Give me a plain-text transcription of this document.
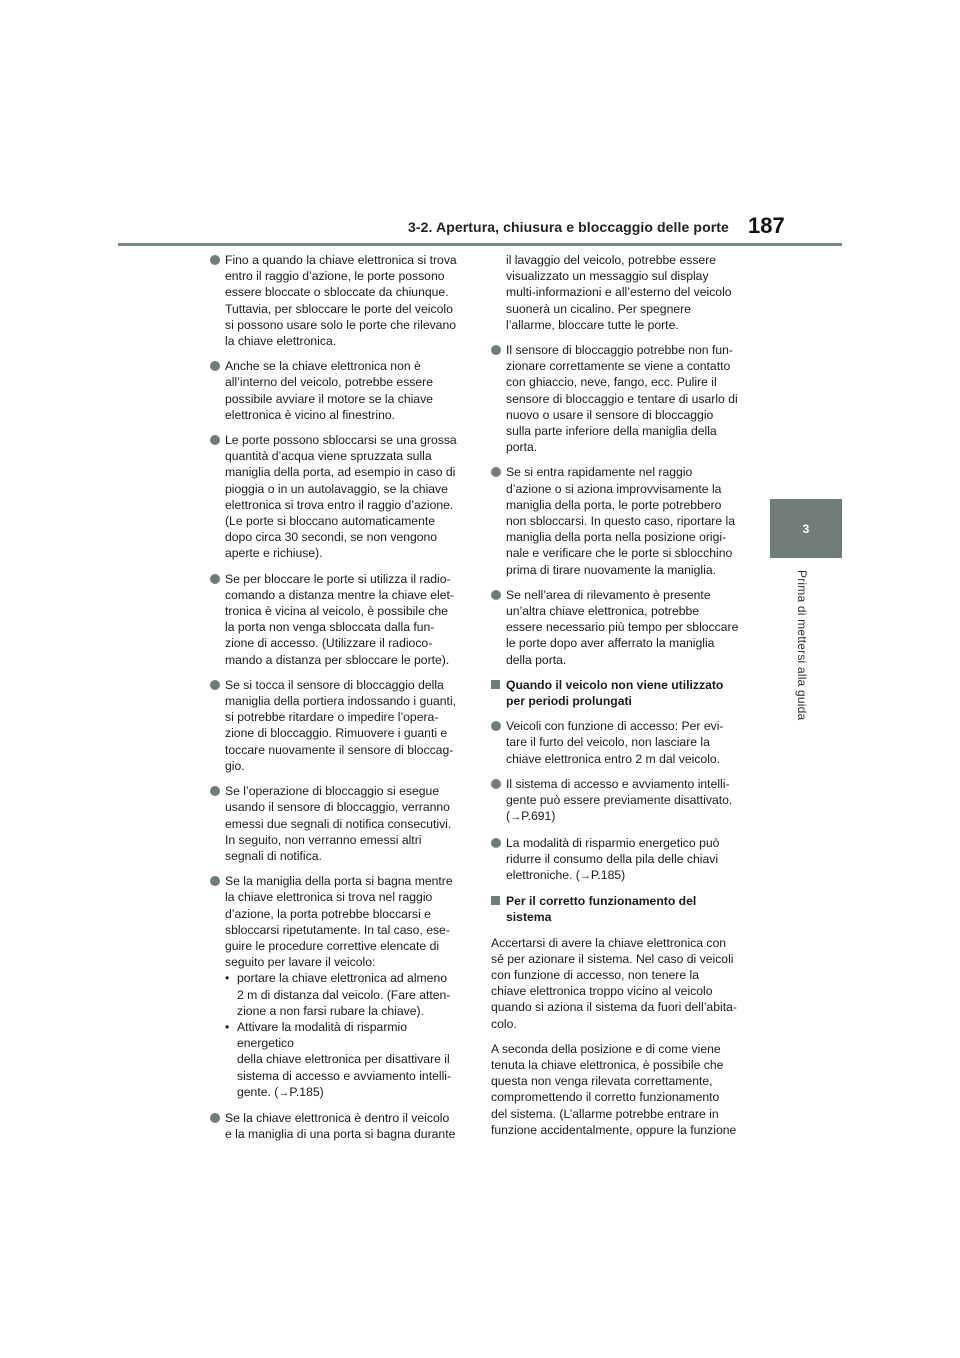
3-2. Apertura, chiusura e bloccaggio delle porte 187
3
Prima di mettersi alla guida
Fino a quando la chiave elettronica si trova
entro il raggio d’azione, le porte possono
essere bloccate o sbloccate da chiunque.
Tuttavia, per sbloccare le porte del veicolo
si possono usare solo le porte che rilevano
la chiave elettronica.
Anche se la chiave elettronica non è
all’interno del veicolo, potrebbe essere
possibile avviare il motore se la chiave
elettronica è vicino al finestrino.
Le porte possono sbloccarsi se una grossa
quantità d’acqua viene spruzzata sulla
maniglia della porta, ad esempio in caso di
pioggia o in un autolavaggio, se la chiave
elettronica si trova entro il raggio d’azione.
(Le porte si bloccano automaticamente
dopo circa 30 secondi, se non vengono
aperte e richiuse).
Se per bloccare le porte si utilizza il radio-
comando a distanza mentre la chiave elet-
tronica è vicina al veicolo, è possibile che
la porta non venga sbloccata dalla fun-
zione di accesso. (Utilizzare il radioco-
mando a distanza per sbloccare le porte).
Se si tocca il sensore di bloccaggio della
maniglia della portiera indossando i guanti,
si potrebbe ritardare o impedire l’opera-
zione di bloccaggio. Rimuovere i guanti e
toccare nuovamente il sensore di bloccag-
gio.
Se l’operazione di bloccaggio si esegue
usando il sensore di bloccaggio, verranno
emessi due segnali di notifica consecutivi.
In seguito, non verranno emessi altri
segnali di notifica.
Se la maniglia della porta si bagna mentre
la chiave elettronica si trova nel raggio
d’azione, la porta potrebbe bloccarsi e
sbloccarsi ripetutamente. In tal caso, ese-
guire le procedure correttive elencate di
seguito per lavare il veicolo:
• portare la chiave elettronica ad almeno
2 m di distanza dal veicolo. (Fare atten-
zione a non farsi rubare la chiave).
• Attivare la modalità di risparmio energetico
della chiave elettronica per disattivare il
sistema di accesso e avviamento intelli-
gente. (→P.185)
Se la chiave elettronica è dentro il veicolo
e la maniglia di una porta si bagna durante
il lavaggio del veicolo, potrebbe essere
visualizzato un messaggio sul display
multi-informazioni e all’esterno del veicolo
suonerà un cicalino. Per spegnere
l’allarme, bloccare tutte le porte.
Il sensore di bloccaggio potrebbe non fun-
zionare correttamente se viene a contatto
con ghiaccio, neve, fango, ecc. Pulire il
sensore di bloccaggio e tentare di usarlo di
nuovo o usare il sensore di bloccaggio
sulla parte inferiore della maniglia della
porta.
Se si entra rapidamente nel raggio
d’azione o si aziona improvvisamente la
maniglia della porta, le porte potrebbero
non sbloccarsi. In questo caso, riportare la
maniglia della porta nella posizione origi-
nale e verificare che le porte si sblocchino
prima di tirare nuovamente la maniglia.
Se nell’area di rilevamento è presente
un’altra chiave elettronica, potrebbe
essere necessario più tempo per sbloccare
le porte dopo aver afferrato la maniglia
della porta.
Quando il veicolo non viene utilizzato
per periodi prolungati
Veicoli con funzione di accesso: Per evi-
tare il furto del veicolo, non lasciare la
chiave elettronica entro 2 m dal veicolo.
Il sistema di accesso e avviamento intelli-
gente può essere previamente disattivato.
(→P.691)
La modalità di risparmio energetico può
ridurre il consumo della pila delle chiavi
elettroniche. (→P.185)
Per il corretto funzionamento del
sistema
Accertarsi di avere la chiave elettronica con
sé per azionare il sistema. Nel caso di veicoli
con funzione di accesso, non tenere la
chiave elettronica troppo vicino al veicolo
quando si aziona il sistema da fuori dell’abita-
colo.
A seconda della posizione e di come viene
tenuta la chiave elettronica, è possibile che
questa non venga rilevata correttamente,
compromettendo il corretto funzionamento
del sistema. (L’allarme potrebbe entrare in
funzione accidentalmente, oppure la funzione
